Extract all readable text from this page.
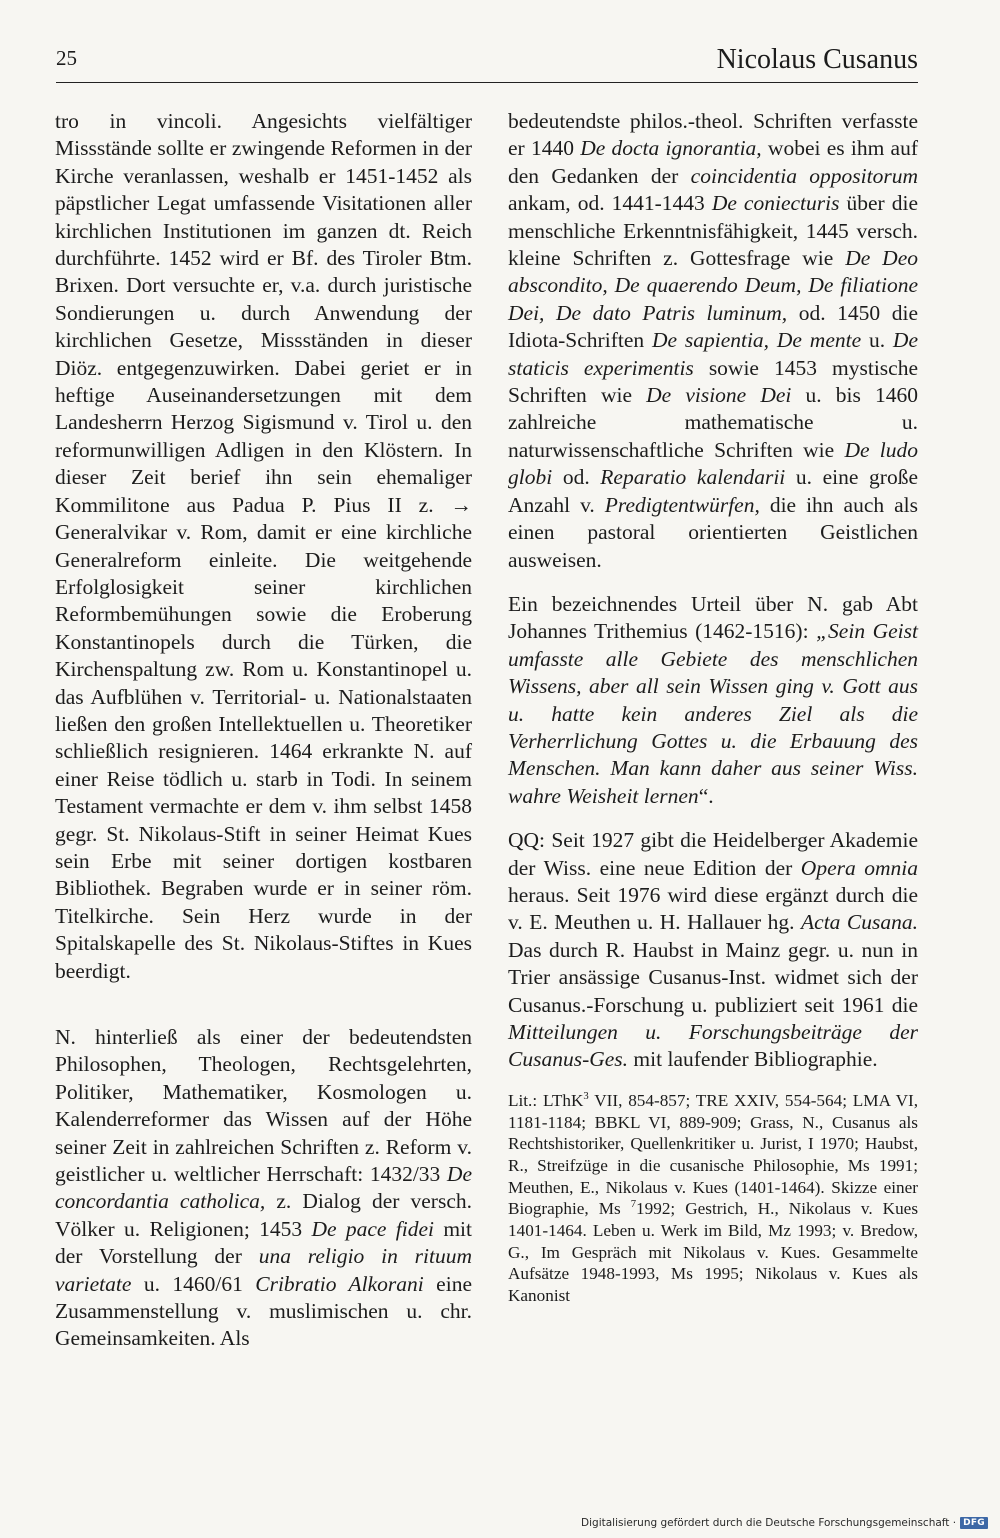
25	Nicolaus Cusanus

tro in vincoli. Angesichts vielfältiger Missstände sollte er zwingende Reformen in der Kirche veranlassen, weshalb er 1451-1452 als päpstlicher Legat umfassende Visitationen aller kirchlichen Institutionen im ganzen dt. Reich durchführte. 1452 wird er Bf. des Tiroler Btm. Brixen. Dort versuchte er, v.a. durch juristische Sondierungen u. durch Anwendung der kirchlichen Gesetze, Missständen in dieser Diöz. entgegenzuwirken. Dabei geriet er in heftige Auseinandersetzungen mit dem Landesherrn Herzog Sigismund v. Tirol u. den reformunwilligen Adligen in den Klöstern. In dieser Zeit berief ihn sein ehemaliger Kommilitone aus Padua P. Pius II z. → Generalvikar v. Rom, damit er eine kirchliche Generalreform einleite. Die weitgehende Erfolglosigkeit seiner kirchlichen Reformbemühungen sowie die Eroberung Konstantinopels durch die Türken, die Kirchenspaltung zw. Rom u. Konstantinopel u. das Aufblühen v. Territorial- u. Nationalstaaten ließen den großen Intellektuellen u. Theoretiker schließlich resignieren. 1464 erkrankte N. auf einer Reise tödlich u. starb in Todi. In seinem Testament vermachte er dem v. ihm selbst 1458 gegr. St. Nikolaus-Stift in seiner Heimat Kues sein Erbe mit seiner dortigen kostbaren Bibliothek. Begraben wurde er in seiner röm. Titelkirche. Sein Herz wurde in der Spitalskapelle des St. Nikolaus-Stiftes in Kues beerdigt.

N. hinterließ als einer der bedeutendsten Philosophen, Theologen, Rechtsgelehrten, Politiker, Mathematiker, Kosmologen u. Kalenderreformer das Wissen auf der Höhe seiner Zeit in zahlreichen Schriften z. Reform v. geistlicher u. weltlicher Herrschaft: 1432/33 De concordantia catholica, z. Dialog der versch. Völker u. Religionen; 1453 De pace fidei mit der Vorstellung der una religio in rituum varietate u. 1460/61 Cribratio Alkorani eine Zusammenstellung v. muslimischen u. chr. Gemeinsamkeiten. Als

bedeutendste philos.-theol. Schriften verfasste er 1440 De docta ignorantia, wobei es ihm auf den Gedanken der coincidentia oppositorum ankam, od. 1441-1443 De coniecturis über die menschliche Erkenntnisfähigkeit, 1445 versch. kleine Schriften z. Gottesfrage wie De Deo abscondito, De quaerendo Deum, De filiatione Dei, De dato Patris luminum, od. 1450 die Idiota-Schriften De sapientia, De mente u. De staticis experimentis sowie 1453 mystische Schriften wie De visione Dei u. bis 1460 zahlreiche mathematische u. naturwissenschaftliche Schriften wie De ludo globi od. Reparatio kalendarii u. eine große Anzahl v. Predigtentwürfen, die ihn auch als einen pastoral orientierten Geistlichen ausweisen.

Ein bezeichnendes Urteil über N. gab Abt Johannes Trithemius (1462-1516): „Sein Geist umfasste alle Gebiete des menschlichen Wissens, aber all sein Wissen ging v. Gott aus u. hatte kein anderes Ziel als die Verherrlichung Gottes u. die Erbauung des Menschen. Man kann daher aus seiner Wiss. wahre Weisheit lernen“.

QQ: Seit 1927 gibt die Heidelberger Akademie der Wiss. eine neue Edition der Opera omnia heraus. Seit 1976 wird diese ergänzt durch die v. E. Meuthen u. H. Hallauer hg. Acta Cusana. Das durch R. Haubst in Mainz gegr. u. nun in Trier ansässige Cusanus-Inst. widmet sich der Cusanus.-Forschung u. publiziert seit 1961 die Mitteilungen u. Forschungsbeiträge der Cusanus-Ges. mit laufender Bibliographie.

Lit.: LThK$^3$ VII, 854-857; TRE XXIV, 554-564; LMA VI, 1181-1184; BBKL VI, 889-909; Grass, N., Cusanus als Rechtshistoriker, Quellenkritiker u. Jurist, I 1970; Haubst, R., Streifzüge in die cusanische Philosophie, Ms 1991; Meuthen, E., Nikolaus v. Kues (1401-1464). Skizze einer Biographie, Ms $^7$1992; Gestrich, H., Nikolaus v. Kues 1401-1464. Leben u. Werk im Bild, Mz 1993; v. Bredow, G., Im Gespräch mit Nikolaus v. Kues. Gesammelte Aufsätze 1948-1993, Ms 1995; Nikolaus v. Kues als Kanonist

Digitalisierung gefördert durch die Deutsche Forschungsgemeinschaft · DFG
